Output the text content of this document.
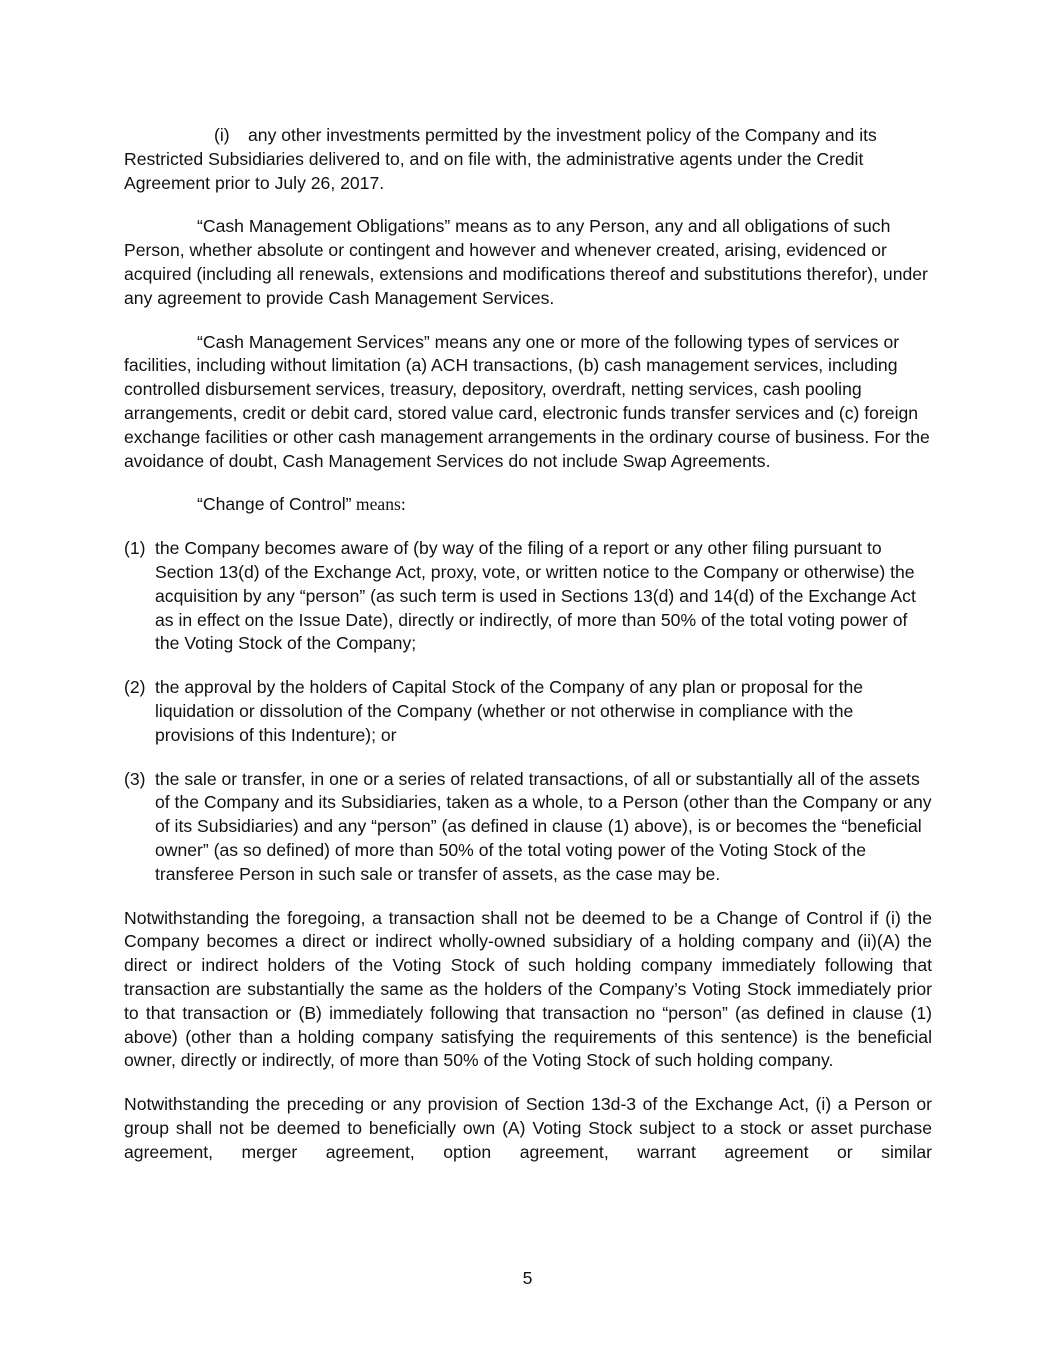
(i) any other investments permitted by the investment policy of the Company and its Restricted Subsidiaries delivered to, and on file with, the administrative agents under the Credit Agreement prior to July 26, 2017.

“Cash Management Obligations” means as to any Person, any and all obligations of such Person, whether absolute or contingent and however and whenever created, arising, evidenced or acquired (including all renewals, extensions and modifications thereof and substitutions therefor), under any agreement to provide Cash Management Services.

“Cash Management Services” means any one or more of the following types of services or facilities, including without limitation (a) ACH transactions, (b) cash management services, including controlled disbursement services, treasury, depository, overdraft, netting services, cash pooling arrangements, credit or debit card, stored value card, electronic funds transfer services and (c) foreign exchange facilities or other cash management arrangements in the ordinary course of business. For the avoidance of doubt, Cash Management Services do not include Swap Agreements.

“Change of Control” means:

(1) the Company becomes aware of (by way of the filing of a report or any other filing pursuant to Section 13(d) of the Exchange Act, proxy, vote, or written notice to the Company or otherwise) the acquisition by any “person” (as such term is used in Sections 13(d) and 14(d) of the Exchange Act as in effect on the Issue Date), directly or indirectly, of more than 50% of the total voting power of the Voting Stock of the Company;
(2) the approval by the holders of Capital Stock of the Company of any plan or proposal for the liquidation or dissolution of the Company (whether or not otherwise in compliance with the provisions of this Indenture); or
(3) the sale or transfer, in one or a series of related transactions, of all or substantially all of the assets of the Company and its Subsidiaries, taken as a whole, to a Person (other than the Company or any of its Subsidiaries) and any “person” (as defined in clause (1) above), is or becomes the “beneficial owner” (as so defined) of more than 50% of the total voting power of the Voting Stock of the transferee Person in such sale or transfer of assets, as the case may be.

Notwithstanding the foregoing, a transaction shall not be deemed to be a Change of Control if (i) the Company becomes a direct or indirect wholly-owned subsidiary of a holding company and (ii)(A) the direct or indirect holders of the Voting Stock of such holding company immediately following that transaction are substantially the same as the holders of the Company’s Voting Stock immediately prior to that transaction or (B) immediately following that transaction no “person” (as defined in clause (1) above) (other than a holding company satisfying the requirements of this sentence) is the beneficial owner, directly or indirectly, of more than 50% of the Voting Stock of such holding company.

Notwithstanding the preceding or any provision of Section 13d-3 of the Exchange Act, (i) a Person or group shall not be deemed to beneficially own (A) Voting Stock subject to a stock or asset purchase agreement, merger agreement, option agreement, warrant agreement or similar

5
